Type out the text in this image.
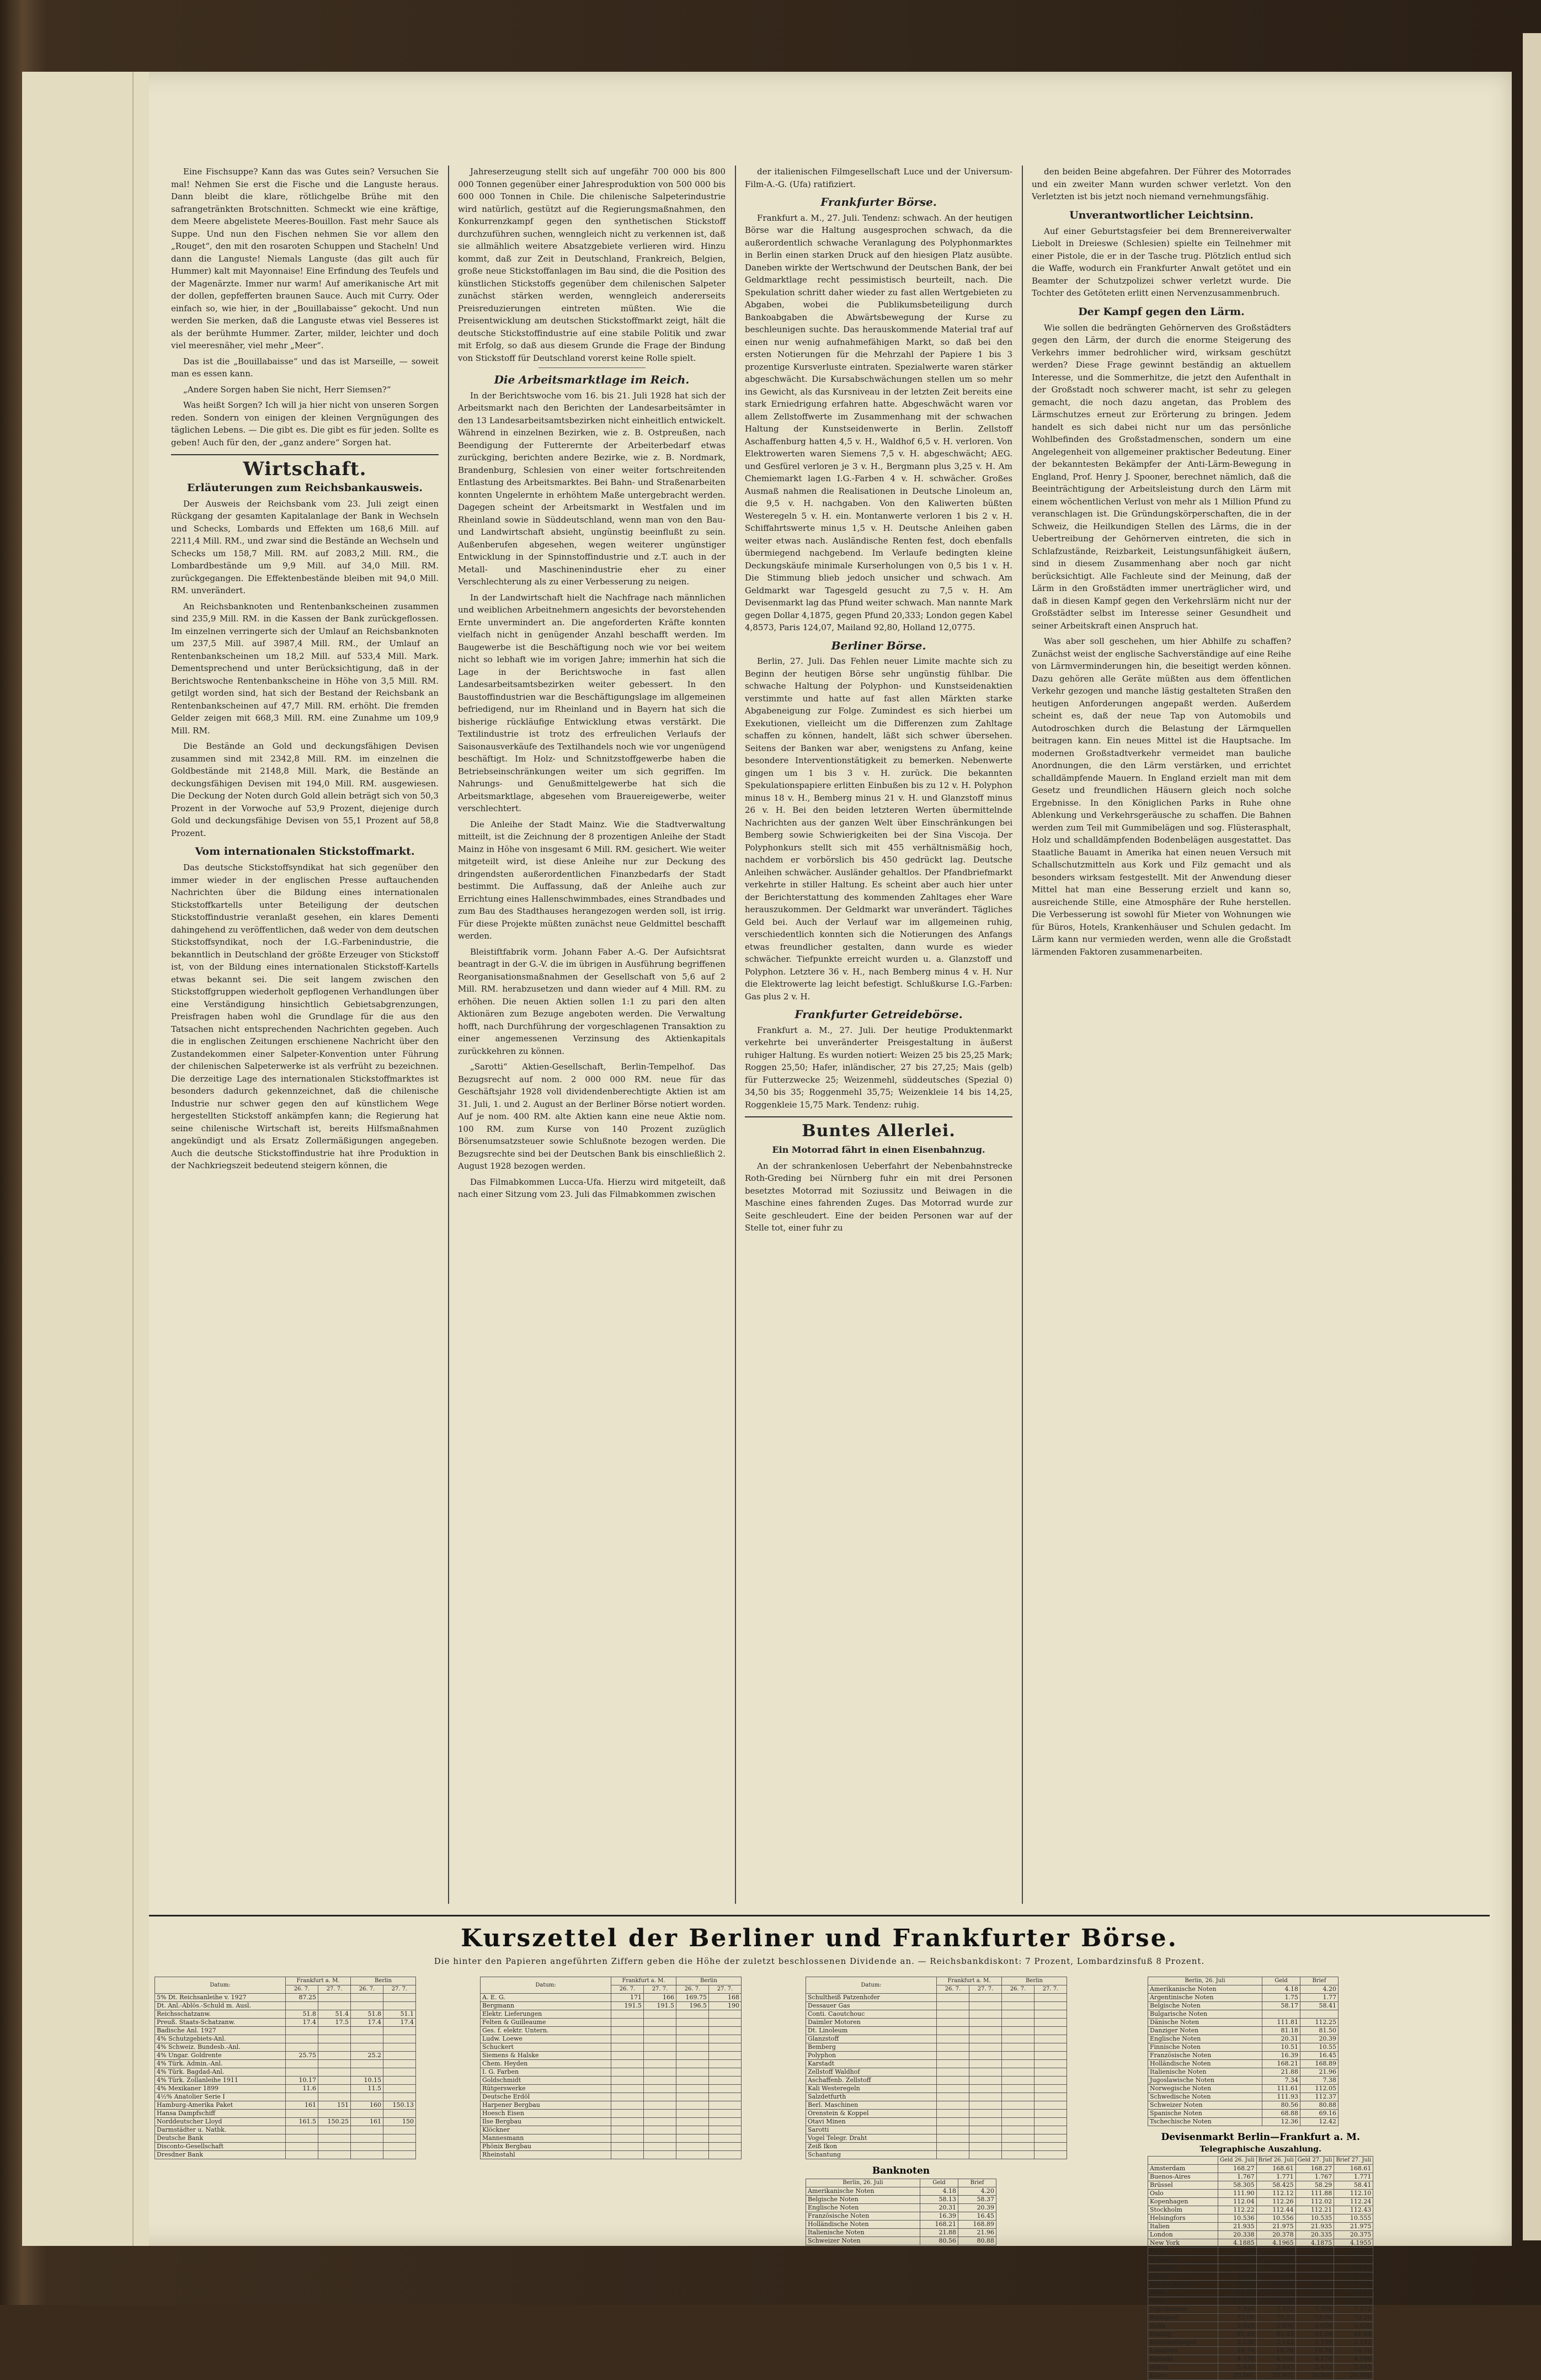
Eine Fischsuppe? Kann das was Gutes sein? Versuchen Sie mal! Nehmen Sie erst die Fische und die Languste heraus. Dann bleibt die klare, rötlichgelbe Brühe mit den safrangetränkten Brotschnitten. Schmeckt wie eine kräftige, dem Meere abgelistete Meeres-Bouillon. Fast mehr Sauce als Suppe. Und nun den Fischen nehmen Sie vor allem den „Rouget“, den mit den rosaroten Schuppen und Stacheln! Und dann die Languste! Niemals Languste (das gilt auch für Hummer) kalt mit Mayonnaise! Eine Erfindung des Teufels und der Magenärzte. Immer nur warm! Auf amerikanische Art mit der dollen, gepfefferten braunen Sauce. Auch mit Curry. Oder einfach so, wie hier, in der „Bouillabaisse“ gekocht. Und nun werden Sie merken, daß die Languste etwas viel Besseres ist als der berühmte Hummer. Zarter, milder, leichter und doch viel meeresnäher, viel mehr „Meer“.

Das ist die „Bouillabaisse“ und das ist Marseille, — soweit man es essen kann.

„Andere Sorgen haben Sie nicht, Herr Siemsen?“

Was heißt Sorgen? Ich will ja hier nicht von unseren Sorgen reden. Sondern von einigen der kleinen Vergnügungen des täglichen Lebens. — Die gibt es. Die gibt es für jeden. Sollte es geben! Auch für den, der „ganz andere“ Sorgen hat.

Wirtschaft.
Erläuterungen zum Reichsbankausweis.

Der Ausweis der Reichsbank vom 23. Juli zeigt einen Rückgang der gesamten Kapitalanlage der Bank in Wechseln und Schecks, Lombards und Effekten um 168,6 Mill. auf 2211,4 Mill. RM., und zwar sind die Bestände an Wechseln und Schecks um 158,7 Mill. RM. auf 2083,2 Mill. RM., die Lombardbestände um 9,9 Mill. auf 34,0 Mill. RM. zurückgegangen. Die Effektenbestände bleiben mit 94,0 Mill. RM. unverändert.

An Reichsbanknoten und Rentenbankscheinen zusammen sind 235,9 Mill. RM. in die Kassen der Bank zurückgeflossen. Im einzelnen verringerte sich der Umlauf an Reichsbanknoten um 237,5 Mill. auf 3987,4 Mill. RM., der Umlauf an Rentenbankscheinen um 18,2 Mill. auf 533,4 Mill. Mark. Dementsprechend und unter Berücksichtigung, daß in der Berichtswoche Rentenbankscheine in Höhe von 3,5 Mill. RM. getilgt worden sind, hat sich der Bestand der Reichsbank an Rentenbankscheinen auf 47,7 Mill. RM. erhöht. Die fremden Gelder zeigen mit 668,3 Mill. RM. eine Zunahme um 109,9 Mill. RM.

Die Bestände an Gold und deckungsfähigen Devisen zusammen sind mit 2342,8 Mill. RM. im einzelnen die Goldbestände mit 2148,8 Mill. Mark, die Bestände an deckungsfähigen Devisen mit 194,0 Mill. RM. ausgewiesen. Die Deckung der Noten durch Gold allein beträgt sich von 50,3 Prozent in der Vorwoche auf 53,9 Prozent, diejenige durch Gold und deckungsfähige Devisen von 55,1 Prozent auf 58,8 Prozent.

Vom internationalen Stickstoffmarkt.

Das deutsche Stickstoffsyndikat hat sich gegenüber den immer wieder in der englischen Presse auftauchenden Nachrichten über die Bildung eines internationalen Stickstoffkartells unter Beteiligung der deutschen Stickstoffindustrie veranlaßt gesehen, ein klares Dementi dahingehend zu veröffentlichen, daß weder von dem deutschen Stickstoffsyndikat, noch der I.G.-Farbenindustrie, die bekanntlich in Deutschland der größte Erzeuger von Stickstoff ist, von der Bildung eines internationalen Stickstoff-Kartells etwas bekannt sei. Die seit langem zwischen den Stickstoffgruppen wiederholt gepflogenen Verhandlungen über eine Verständigung hinsichtlich Gebietsabgrenzungen, Preisfragen haben wohl die Grundlage für die aus den Tatsachen nicht entsprechenden Nachrichten gegeben. Auch die in englischen Zeitungen erschienene Nachricht über den Zustandekommen einer Salpeter-Konvention unter Führung der chilenischen Salpeterwerke ist als verfrüht zu bezeichnen. Die derzeitige Lage des internationalen Stickstoffmarktes ist besonders dadurch gekennzeichnet, daß die chilenische Industrie nur schwer gegen den auf künstlichem Wege hergestellten Stickstoff ankämpfen kann; die Regierung hat seine chilenische Wirtschaft ist, bereits Hilfsmaßnahmen angekündigt und als Ersatz Zollermäßigungen angegeben. Auch die deutsche Stickstoffindustrie hat ihre Produktion in der Nachkriegszeit bedeutend steigern können, die

Jahreserzeugung stellt sich auf ungefähr 700 000 bis 800 000 Tonnen gegenüber einer Jahresproduktion von 500 000 bis 600 000 Tonnen in Chile. Die chilenische Salpeterindustrie wird natürlich, gestützt auf die Regierungsmaßnahmen, den Konkurrenzkampf gegen den synthetischen Stickstoff durchzuführen suchen, wenngleich nicht zu verkennen ist, daß sie allmählich weitere Absatzgebiete verlieren wird. Hinzu kommt, daß zur Zeit in Deutschland, Frankreich, Belgien, große neue Stickstoffanlagen im Bau sind, die die Position des künstlichen Stickstoffs gegenüber dem chilenischen Salpeter zunächst stärken werden, wenngleich andererseits Preisreduzierungen eintreten müßten. Wie die Preisentwicklung am deutschen Stickstoffmarkt zeigt, hält die deutsche Stickstoffindustrie auf eine stabile Politik und zwar mit Erfolg, so daß aus diesem Grunde die Frage der Bindung von Stickstoff für Deutschland vorerst keine Rolle spielt.

Die Arbeitsmarktlage im Reich.

In der Berichtswoche vom 16. bis 21. Juli 1928 hat sich der Arbeitsmarkt nach den Berichten der Landesarbeitsämter in den 13 Landesarbeitsamtsbezirken nicht einheitlich entwickelt. Während in einzelnen Bezirken, wie z. B. Ostpreußen, nach Beendigung der Futterernte der Arbeiterbedarf etwas zurückging, berichten andere Bezirke, wie z. B. Nordmark, Brandenburg, Schlesien von einer weiter fortschreitenden Entlastung des Arbeitsmarktes. Bei Bahn- und Straßenarbeiten konnten Ungelernte in erhöhtem Maße untergebracht werden. Dagegen scheint der Arbeitsmarkt in Westfalen und im Rheinland sowie in Süddeutschland, wenn man von den Bau- und Landwirtschaft absieht, ungünstig beeinflußt zu sein. Außenberufen abgesehen, wegen weiterer ungünstiger Entwicklung in der Spinnstoffindustrie und z.T. auch in der Metall- und Maschinenindustrie eher zu einer Verschlechterung als zu einer Verbesserung zu neigen.

In der Landwirtschaft hielt die Nachfrage nach männlichen und weiblichen Arbeitnehmern angesichts der bevorstehenden Ernte unvermindert an. Die angeforderten Kräfte konnten vielfach nicht in genügender Anzahl beschafft werden. Im Baugewerbe ist die Beschäftigung noch wie vor bei weitem nicht so lebhaft wie im vorigen Jahre; immerhin hat sich die Lage in der Berichtswoche in fast allen Landesarbeitsamtsbezirken weiter gebessert. In den Baustoffindustrien war die Beschäftigungslage im allgemeinen befriedigend, nur im Rheinland und in Bayern hat sich die bisherige rückläufige Entwicklung etwas verstärkt. Die Textilindustrie ist trotz des erfreulichen Verlaufs der Saisonausverkäufe des Textilhandels noch wie vor ungenügend beschäftigt. Im Holz- und Schnitzstoffgewerbe haben die Betriebseinschränkungen weiter um sich gegriffen. Im Nahrungs- und Genußmittelgewerbe hat sich die Arbeitsmarktlage, abgesehen vom Brauereigewerbe, weiter verschlechtert.

Die Anleihe der Stadt Mainz. Wie die Stadtverwaltung mitteilt, ist die Zeichnung der 8 prozentigen Anleihe der Stadt Mainz in Höhe von insgesamt 6 Mill. RM. gesichert. Wie weiter mitgeteilt wird, ist diese Anleihe nur zur Deckung des dringendsten außerordentlichen Finanzbedarfs der Stadt bestimmt. Die Auffassung, daß der Anleihe auch zur Errichtung eines Hallenschwimmbades, eines Strandbades und zum Bau des Stadthauses herangezogen werden soll, ist irrig. Für diese Projekte müßten zunächst neue Geldmittel beschafft werden.

Bleistiftfabrik vorm. Johann Faber A.-G. Der Aufsichtsrat beantragt in der G.-V. die im übrigen in Ausführung begriffenen Reorganisationsmaßnahmen der Gesellschaft von 5,6 auf 2 Mill. RM. herabzusetzen und dann wieder auf 4 Mill. RM. zu erhöhen. Die neuen Aktien sollen 1:1 zu pari den alten Aktionären zum Bezuge angeboten werden. Die Verwaltung hofft, nach Durchführung der vorgeschlagenen Transaktion zu einer angemessenen Verzinsung des Aktienkapitals zurückkehren zu können.

„Sarotti“ Aktien-Gesellschaft, Berlin-Tempelhof. Das Bezugsrecht auf nom. 2 000 000 RM. neue für das Geschäftsjahr 1928 voll dividendenberechtigte Aktien ist am 31. Juli, 1. und 2. August an der Berliner Börse notiert worden. Auf je nom. 400 RM. alte Aktien kann eine neue Aktie nom. 100 RM. zum Kurse von 140 Prozent zuzüglich Börsenumsatzsteuer sowie Schlußnote bezogen werden. Die Bezugsrechte sind bei der Deutschen Bank bis einschließlich 2. August 1928 bezogen werden.

Das Filmabkommen Lucca-Ufa. Hierzu wird mitgeteilt, daß nach einer Sitzung vom 23. Juli das Filmabkommen zwischen

der italienischen Filmgesellschaft Luce und der Universum-Film-A.-G. (Ufa) ratifiziert.

Frankfurter Börse.

Frankfurt a. M., 27. Juli. Tendenz: schwach. An der heutigen Börse war die Haltung ausgesprochen schwach, da die außerordentlich schwache Veranlagung des Polyphonmarktes in Berlin einen starken Druck auf den hiesigen Platz ausübte. Daneben wirkte der Wertschwund der Deutschen Bank, der bei Geldmarktlage recht pessimistisch beurteilt, nach. Die Spekulation schritt daher wieder zu fast allen Wertgebieten zu Abgaben, wobei die Publikumsbeteiligung durch Bankoabgaben die Abwärtsbewegung der Kurse zu beschleunigen suchte. Das herauskommende Material traf auf einen nur wenig aufnahmefähigen Markt, so daß bei den ersten Notierungen für die Mehrzahl der Papiere 1 bis 3 prozentige Kursverluste eintraten. Spezialwerte waren stärker abgeschwächt. Die Kursabschwächungen stellen um so mehr ins Gewicht, als das Kursniveau in der letzten Zeit bereits eine stark Erniedrigung erfahren hatte. Abgeschwächt waren vor allem Zellstoffwerte im Zusammenhang mit der schwachen Haltung der Kunstseidenwerte in Berlin. Zellstoff Aschaffenburg hatten 4,5 v. H., Waldhof 6,5 v. H. verloren. Von Elektrowerten waren Siemens 7,5 v. H. abgeschwächt; AEG. und Gesfürel verloren je 3 v. H., Bergmann plus 3,25 v. H. Am Chemiemarkt lagen I.G.-Farben 4 v. H. schwächer. Großes Ausmaß nahmen die Realisationen in Deutsche Linoleum an, die 9,5 v. H. nachgaben. Von den Kaliwerten büßten Westeregeln 5 v. H. ein. Montanwerte verloren 1 bis 2 v. H. Schiffahrtswerte minus 1,5 v. H. Deutsche Anleihen gaben weiter etwas nach. Ausländische Renten fest, doch ebenfalls übermiegend nachgebend. Im Verlaufe bedingten kleine Deckungskäufe minimale Kurserholungen von 0,5 bis 1 v. H. Die Stimmung blieb jedoch unsicher und schwach. Am Geldmarkt war Tagesgeld gesucht zu 7,5 v. H. Am Devisenmarkt lag das Pfund weiter schwach. Man nannte Mark gegen Dollar 4,1875, gegen Pfund 20,333; London gegen Kabel 4,8573, Paris 124,07, Mailand 92,80, Holland 12,0775.

Berliner Börse.

Berlin, 27. Juli. Das Fehlen neuer Limite machte sich zu Beginn der heutigen Börse sehr ungünstig fühlbar. Die schwache Haltung der Polyphon- und Kunstseidenaktien verstimmte und hatte auf fast allen Märkten starke Abgabeneigung zur Folge. Zumindest es sich hierbei um Exekutionen, vielleicht um die Differenzen zum Zahltage schaffen zu können, handelt, läßt sich schwer übersehen. Seitens der Banken war aber, wenigstens zu Anfang, keine besondere Interventionstätigkeit zu bemerken. Nebenwerte gingen um 1 bis 3 v. H. zurück. Die bekannten Spekulationspapiere erlitten Einbußen bis zu 12 v. H. Polyphon minus 18 v. H., Bemberg minus 21 v. H. und Glanzstoff minus 26 v. H. Bei den beiden letzteren Werten übermittelnde Nachrichten aus der ganzen Welt über Einschränkungen bei Bemberg sowie Schwierigkeiten bei der Sina Viscoja. Der Polyphonkurs stellt sich mit 455 verhältnismäßig hoch, nachdem er vorbörslich bis 450 gedrückt lag. Deutsche Anleihen schwächer. Ausländer gehaltlos. Der Pfandbriefmarkt verkehrte in stiller Haltung. Es scheint aber auch hier unter der Berichterstattung des kommenden Zahltages eher Ware herauszukommen. Der Geldmarkt war unverändert. Tägliches Geld bei. Auch der Verlauf war im allgemeinen ruhig, verschiedentlich konnten sich die Notierungen des Anfangs etwas freundlicher gestalten, dann wurde es wieder schwächer. Tiefpunkte erreicht wurden u. a. Glanzstoff und Polyphon. Letztere 36 v. H., nach Bemberg minus 4 v. H. Nur die Elektrowerte lag leicht befestigt. Schlußkurse I.G.-Farben: Gas plus 2 v. H.

Frankfurter Getreidebörse.

Frankfurt a. M., 27. Juli. Der heutige Produktenmarkt verkehrte bei unveränderter Preisgestaltung in äußerst ruhiger Haltung. Es wurden notiert: Weizen 25 bis 25,25 Mark; Roggen 25,50; Hafer, inländischer, 27 bis 27,25; Mais (gelb) für Futterzwecke 25; Weizenmehl, süddeutsches (Spezial 0) 34,50 bis 35; Roggenmehl 35,75; Weizenkleie 14 bis 14,25, Roggenkleie 15,75 Mark. Tendenz: ruhig.

Buntes Allerlei.
Ein Motorrad fährt in einen Eisenbahnzug.

An der schrankenlosen Ueberfahrt der Nebenbahnstrecke Roth-Greding bei Nürnberg fuhr ein mit drei Personen besetztes Motorrad mit Soziussitz und Beiwagen in die Maschine eines fahrenden Zuges. Das Motorrad wurde zur Seite geschleudert. Eine der beiden Personen war auf der Stelle tot, einer fuhr zu

den beiden Beine abgefahren. Der Führer des Motorrades und ein zweiter Mann wurden schwer verletzt. Von den Verletzten ist bis jetzt noch niemand vernehmungsfähig.

Unverantwortlicher Leichtsinn.

Auf einer Geburtstagsfeier bei dem Brennereiverwalter Liebolt in Dreieswe (Schlesien) spielte ein Teilnehmer mit einer Pistole, die er in der Tasche trug. Plötzlich entlud sich die Waffe, wodurch ein Frankfurter Anwalt getötet und ein Beamter der Schutzpolizei schwer verletzt wurde. Die Tochter des Getöteten erlitt einen Nervenzusammenbruch.

Der Kampf gegen den Lärm.

Wie sollen die bedrängten Gehörnerven des Großstädters gegen den Lärm, der durch die enorme Steigerung des Verkehrs immer bedrohlicher wird, wirksam geschützt werden? Diese Frage gewinnt beständig an aktuellem Interesse, und die Sommerhitze, die jetzt den Aufenthalt in der Großstadt noch schwerer macht, ist sehr zu gelegen gemacht, die noch dazu angetan, das Problem des Lärmschutzes erneut zur Erörterung zu bringen. Jedem handelt es sich dabei nicht nur um das persönliche Wohlbefinden des Großstadmenschen, sondern um eine Angelegenheit von allgemeiner praktischer Bedeutung. Einer der bekanntesten Bekämpfer der Anti-Lärm-Bewegung in England, Prof. Henry J. Spooner, berechnet nämlich, daß die Beeinträchtigung der Arbeitsleistung durch den Lärm mit einem wöchentlichen Verlust von mehr als 1 Million Pfund zu veranschlagen ist. Die Gründungskörperschaften, die in der Schweiz, die Heilkundigen Stellen des Lärms, die in der Uebertreibung der Gehörnerven eintreten, die sich in Schlafzustände, Reizbarkeit, Leistungsunfähigkeit äußern, sind in diesem Zusammenhang aber noch gar nicht berücksichtigt. Alle Fachleute sind der Meinung, daß der Lärm in den Großstädten immer unerträglicher wird, und daß in diesen Kampf gegen den Verkehrslärm nicht nur der Großstädter selbst im Interesse seiner Gesundheit und seiner Arbeitskraft einen Anspruch hat.

Was aber soll geschehen, um hier Abhilfe zu schaffen? Zunächst weist der englische Sachverständige auf eine Reihe von Lärmverminderungen hin, die beseitigt werden können. Dazu gehören alle Geräte müßten aus dem öffentlichen Verkehr gezogen und manche lästig gestalteten Straßen den heutigen Anforderungen angepaßt werden. Außerdem scheint es, daß der neue Tap von Automobils und Autodroschken durch die Belastung der Lärmquellen beitragen kann. Ein neues Mittel ist die Hauptsache. Im modernen Großstadtverkehr vermeidet man bauliche Anordnungen, die den Lärm verstärken, und errichtet schalldämpfende Mauern. In England erzielt man mit dem Gesetz und freundlichen Häusern gleich noch solche Ergebnisse. In den Königlichen Parks in Ruhe ohne Ablenkung und Verkehrsgeräusche zu schaffen. Die Bahnen werden zum Teil mit Gummibelägen und sog. Flüsterasphalt, Holz und schalldämpfenden Bodenbelägen ausgestattet. Das Staatliche Bauamt in Amerika hat einen neuen Versuch mit Schallschutzmitteln aus Kork und Filz gemacht und als besonders wirksam festgestellt. Mit der Anwendung dieser Mittel hat man eine Besserung erzielt und kann so, ausreichende Stille, eine Atmosphäre der Ruhe herstellen. Die Verbesserung ist sowohl für Mieter von Wohnungen wie für Büros, Hotels, Krankenhäuser und Schulen gedacht. Im Lärm kann nur vermieden werden, wenn alle die Großstadt lärmenden Faktoren zusammenarbeiten.

Kurszettel der Berliner und Frankfurter Börse.
Die hinter den Papieren angeführten Ziffern geben die Höhe der zuletzt beschlossenen Dividende an. — Reichsbankdiskont: 7 Prozent, Lombardzinsfuß 8 Prozent.
Datum:	Frankfurt a. M.		Berlin	
	26. 7.	27. 7.	26. 7.	27. 7.
5% Dt. Reichsanleihe v. 1927	87.25			
Dt. Anl.-Ablös.-Schuld m. Ausl.				
Reichsschatzanw.	51.8	51.4	51.8	51.1
Preuß. Staats-Schatzanw.	17.4	17.5	17.4	17.4
Badische Anl. 1927				
4% Schutzgebiets-Anl.				
4% Schweiz. Bundesb.-Anl.				
4% Ungar. Goldrente	25.75		25.2	
4% Türk. Admin.-Anl.				
4% Türk. Bagdad-Anl.				
4% Türk. Zollanleihe 1911	10.17		10.15	
4% Mexikaner 1899	11.6		11.5	
4½% Anatolier Serie I				
Hamburg-Amerika Paket	161	151	160	150.13
Hansa Dampfschiff				
Norddeutscher Lloyd	161.5	150.25	161	150
Darmstädter u. Natbk.				
Deutsche Bank				
Disconto-Gesellschaft				
Dresdner Bank				
Datum:	Frankfurt a. M.		Berlin	
	26. 7.	27. 7.	26. 7.	27. 7.
A. E. G.	171	166	169.75	168
Bergmann	191.5	191.5	196.5	190
Elektr. Lieferungen				
Felten & Guilleaume				
Ges. f. elektr. Untern.				
Ludw. Loewe				
Schuckert				
Siemens & Halske				
Chem. Heyden				
I. G. Farben				
Goldschmidt				
Rütgerswerke				
Deutsche Erdöl				
Harpener Bergbau				
Hoesch Eisen				
Ilse Bergbau				
Klöckner				
Mannesmann				
Phönix Bergbau				
Rheinstahl				
Datum:	Frankfurt a. M.		Berlin	
	26. 7.	27. 7.	26. 7.	27. 7.
Schultheiß Patzenhofer				
Dessauer Gas				
Conti. Caoutchouc				
Daimler Motoren				
Dt. Linoleum				
Glanzstoff				
Bemberg				
Polyphon				
Karstadt				
Zellstoff Waldhof				
Aschaffenb. Zellstoff				
Kali Westeregeln				
Salzdetfurth				
Berl. Maschinen				
Orenstein & Koppel				
Otavi Minen				
Sarotti				
Vogel Telegr. Draht				
Zeiß Ikon				
Schantung				
Banknoten
Berlin, 26. Juli	Geld	Brief
Amerikanische Noten	4.18	4.20
Belgische Noten	58.13	58.37
Englische Noten	20.31	20.39
Französische Noten	16.39	16.45
Holländische Noten	168.21	168.89
Italienische Noten	21.88	21.96
Schweizer Noten	80.56	80.88
Berlin, 26. Juli	Geld	Brief
Amerikanische Noten	4.18	4.20
Argentinische Noten	1.75	1.77
Belgische Noten	58.17	58.41
Bulgarische Noten		
Dänische Noten	111.81	112.25
Danziger Noten	81.18	81.50
Englische Noten	20.31	20.39
Finnische Noten	10.51	10.55
Französische Noten	16.39	16.45
Holländische Noten	168.21	168.89
Italienische Noten	21.88	21.96
Jugoslawische Noten	7.34	7.38
Norwegische Noten	111.61	112.05
Schwedische Noten	111.93	112.37
Schweizer Noten	80.56	80.88
Spanische Noten	68.88	69.16
Tschechische Noten	12.36	12.42
Devisenmarkt Berlin—Frankfurt a. M.
Telegraphische Auszahlung.
	Geld 26. Juli	Brief 26. Juli	Geld 27. Juli	Brief 27. Juli
Amsterdam	168.27	168.61	168.27	168.61
Buenos-Aires	1.767	1.771	1.767	1.771
Brüssel	58.305	58.425	58.29	58.41
Oslo	111.90	112.12	111.88	112.10
Kopenhagen	112.04	112.26	112.02	112.24
Stockholm	112.22	112.44	112.21	112.43
Helsingfors	10.536	10.556	10.535	10.555
Italien	21.935	21.975	21.935	21.975
London	20.338	20.378	20.335	20.375
New York	4.1885	4.1965	4.1875	4.1955
Paris	16.39	16.43	16.385	16.425
Schweiz	80.72	80.88	80.71	80.87
Spanien	69.31	69.45	69.29	69.43
Japan	1.932	1.936	1.931	1.935
Rio de Janeiro	0.502	0.504	0.502	0.504
Wien	58.99	59.11	58.98	59.10
Prag	12.416	12.436	12.413	12.433
Jugoslawien	7.358	7.372	7.358	7.372
Budapest	73.08	73.22	73.06	73.20
Sofia	3.024	3.030	3.024	3.030
Danzig	81.29	81.45	81.28	81.44
Konstantinopel	2.138	2.142	2.138	2.142
Lissabon	18.74	18.78	18.74	18.78
Kanada	4.178	4.186	4.178	4.186
Athen	5.435	5.445	5.435	5.445
Kairo	20.861	20.901	20.860	20.900
